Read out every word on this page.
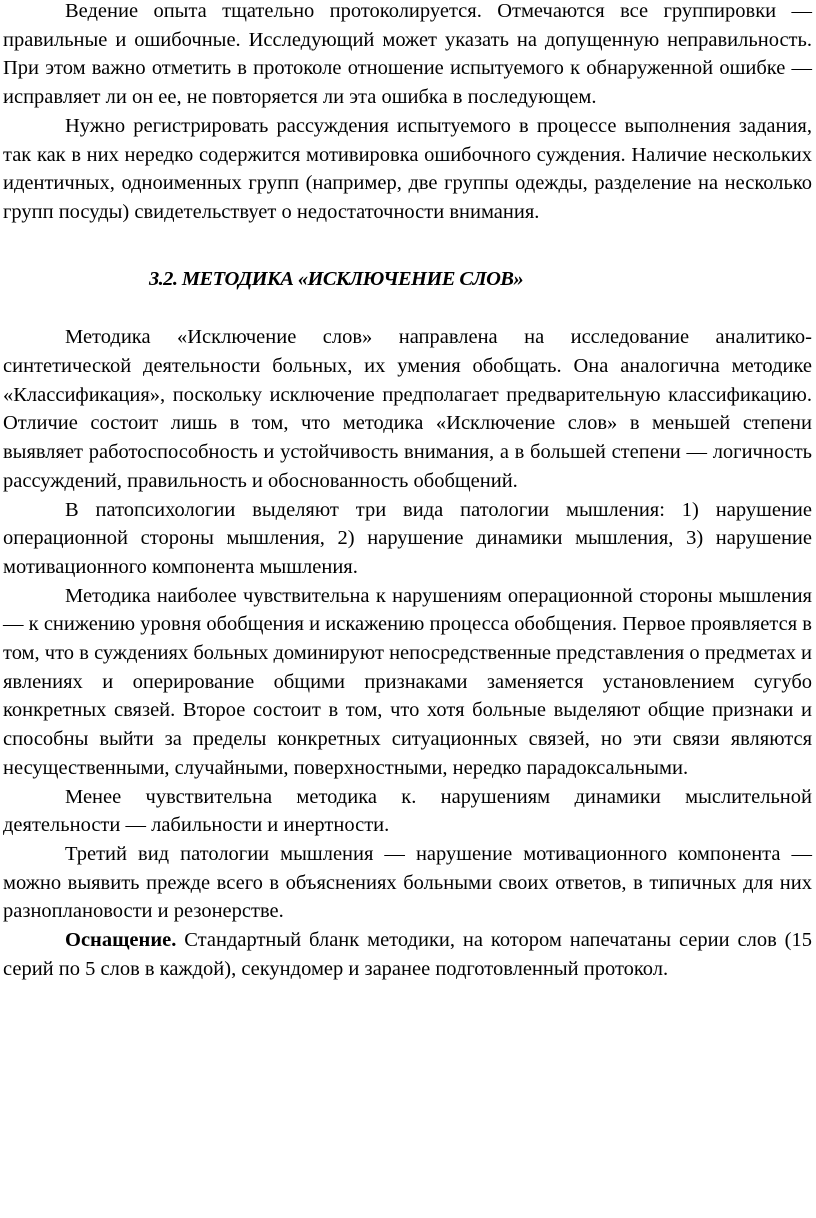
Ведение опыта тщательно протоколируется. Отмечаются все группировки — правильные и ошибочные. Исследующий может указать на допущенную неправильность. При этом важно отметить в протоколе отношение испытуемого к обнаруженной ошибке — исправляет ли он ее, не повторяется ли эта ошибка в последующем.

Нужно регистрировать рассуждения испытуемого в процессе выполнения задания, так как в них нередко содержится мотивировка ошибочного суждения. Наличие нескольких идентичных, одноименных групп (например, две группы одежды, разделение на несколько групп посуды) свидетельствует о недостаточности внимания.

3.2. МЕТОДИКА «ИСКЛЮЧЕНИЕ СЛОВ»

Методика «Исключение слов» направлена на исследование аналитико-синтетической деятельности больных, их умения обобщать. Она аналогична методике «Классификация», поскольку исключение предполагает предварительную классификацию. Отличие состоит лишь в том, что методика «Исключение слов» в меньшей степени выявляет работоспособность и устойчивость внимания, а в большей степени — логичность рассуждений, правильность и обоснованность обобщений.

В патопсихологии выделяют три вида патологии мышления: 1) нарушение операционной стороны мышления, 2) нарушение динамики мышления, 3) нарушение мотивационного компонента мышления.

Методика наиболее чувствительна к нарушениям операционной стороны мышления — к снижению уровня обобщения и искажению процесса обобщения. Первое проявляется в том, что в суждениях больных доминируют непосредственные представления о предметах и явлениях и оперирование общими признаками заменяется установлением сугубо конкретных связей. Второе состоит в том, что хотя больные выделяют общие признаки и способны выйти за пределы конкретных ситуационных связей, но эти связи являются несущественными, случайными, поверхностными, нередко парадоксальными.

Менее чувствительна методика к. нарушениям динамики мыслительной деятельности — лабильности и инертности.

Третий вид патологии мышления — нарушение мотивационного компонента — можно выявить прежде всего в объяснениях больными своих ответов, в типичных для них разноплановости и резонерстве.

Оснащение. Стандартный бланк методики, на котором напечатаны серии слов (15 серий по 5 слов в каждой), секундомер и заранее подготовленный протокол.
